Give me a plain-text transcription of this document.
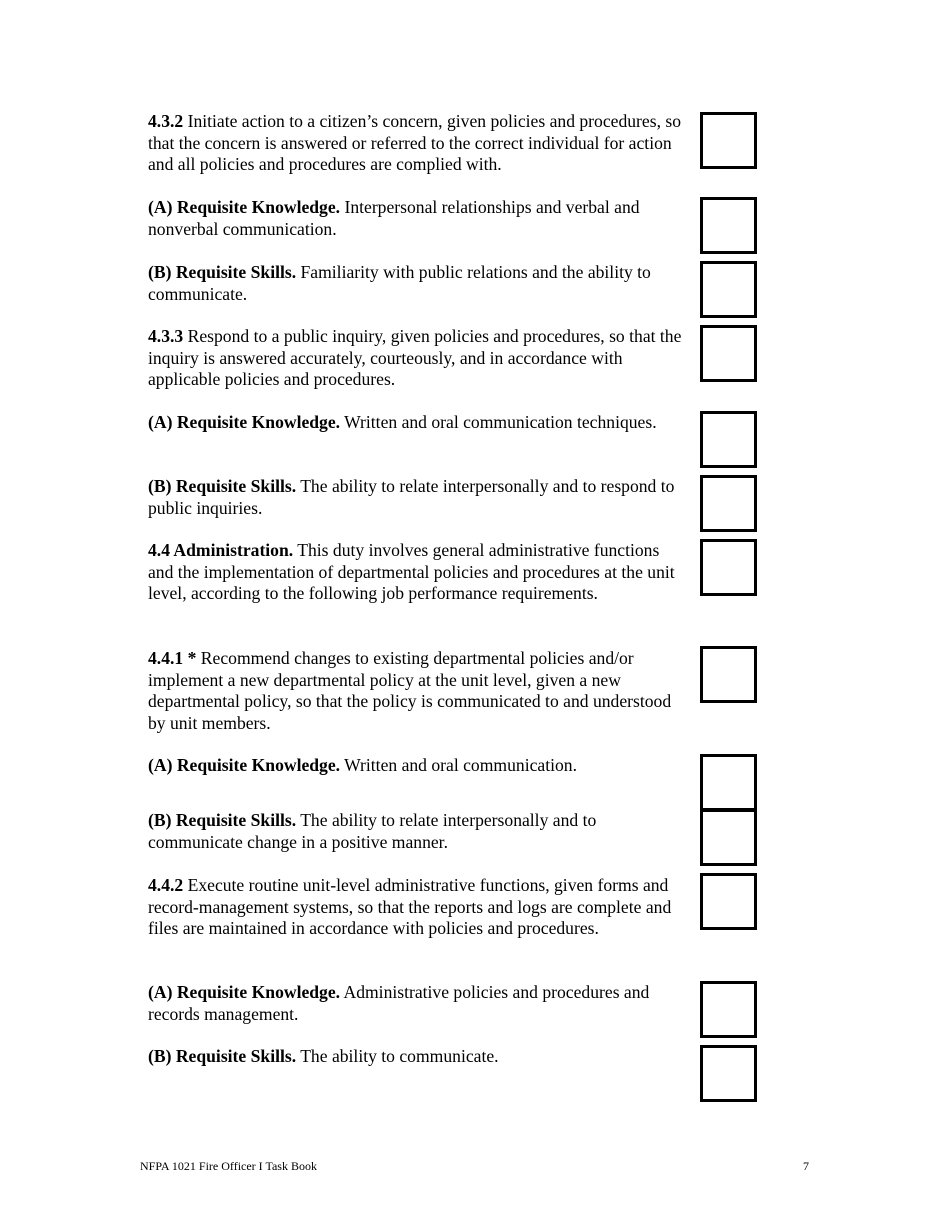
4.3.2 Initiate action to a citizen’s concern, given policies and procedures, so that the concern is answered or referred to the correct individual for action and all policies and procedures are complied with.

(A) Requisite Knowledge. Interpersonal relationships and verbal and nonverbal communication.

(B) Requisite Skills. Familiarity with public relations and the ability to communicate.

4.3.3 Respond to a public inquiry, given policies and procedures, so that the inquiry is answered accurately, courteously, and in accordance with applicable policies and procedures.

(A) Requisite Knowledge. Written and oral communication techniques.

(B) Requisite Skills. The ability to relate interpersonally and to respond to public inquiries.

4.4 Administration. This duty involves general administrative functions and the implementation of departmental policies and procedures at the unit level, according to the following job performance requirements.

4.4.1 * Recommend changes to existing departmental policies and/or implement a new departmental policy at the unit level, given a new departmental policy, so that the policy is communicated to and understood by unit members.

(A) Requisite Knowledge. Written and oral communication.

(B) Requisite Skills. The ability to relate interpersonally and to communicate change in a positive manner.

4.4.2 Execute routine unit-level administrative functions, given forms and record-management systems, so that the reports and logs are complete and files are maintained in accordance with policies and procedures.

(A) Requisite Knowledge. Administrative policies and procedures and records management.

(B) Requisite Skills. The ability to communicate.

NFPA 1021 Fire Officer I Task Book	7
